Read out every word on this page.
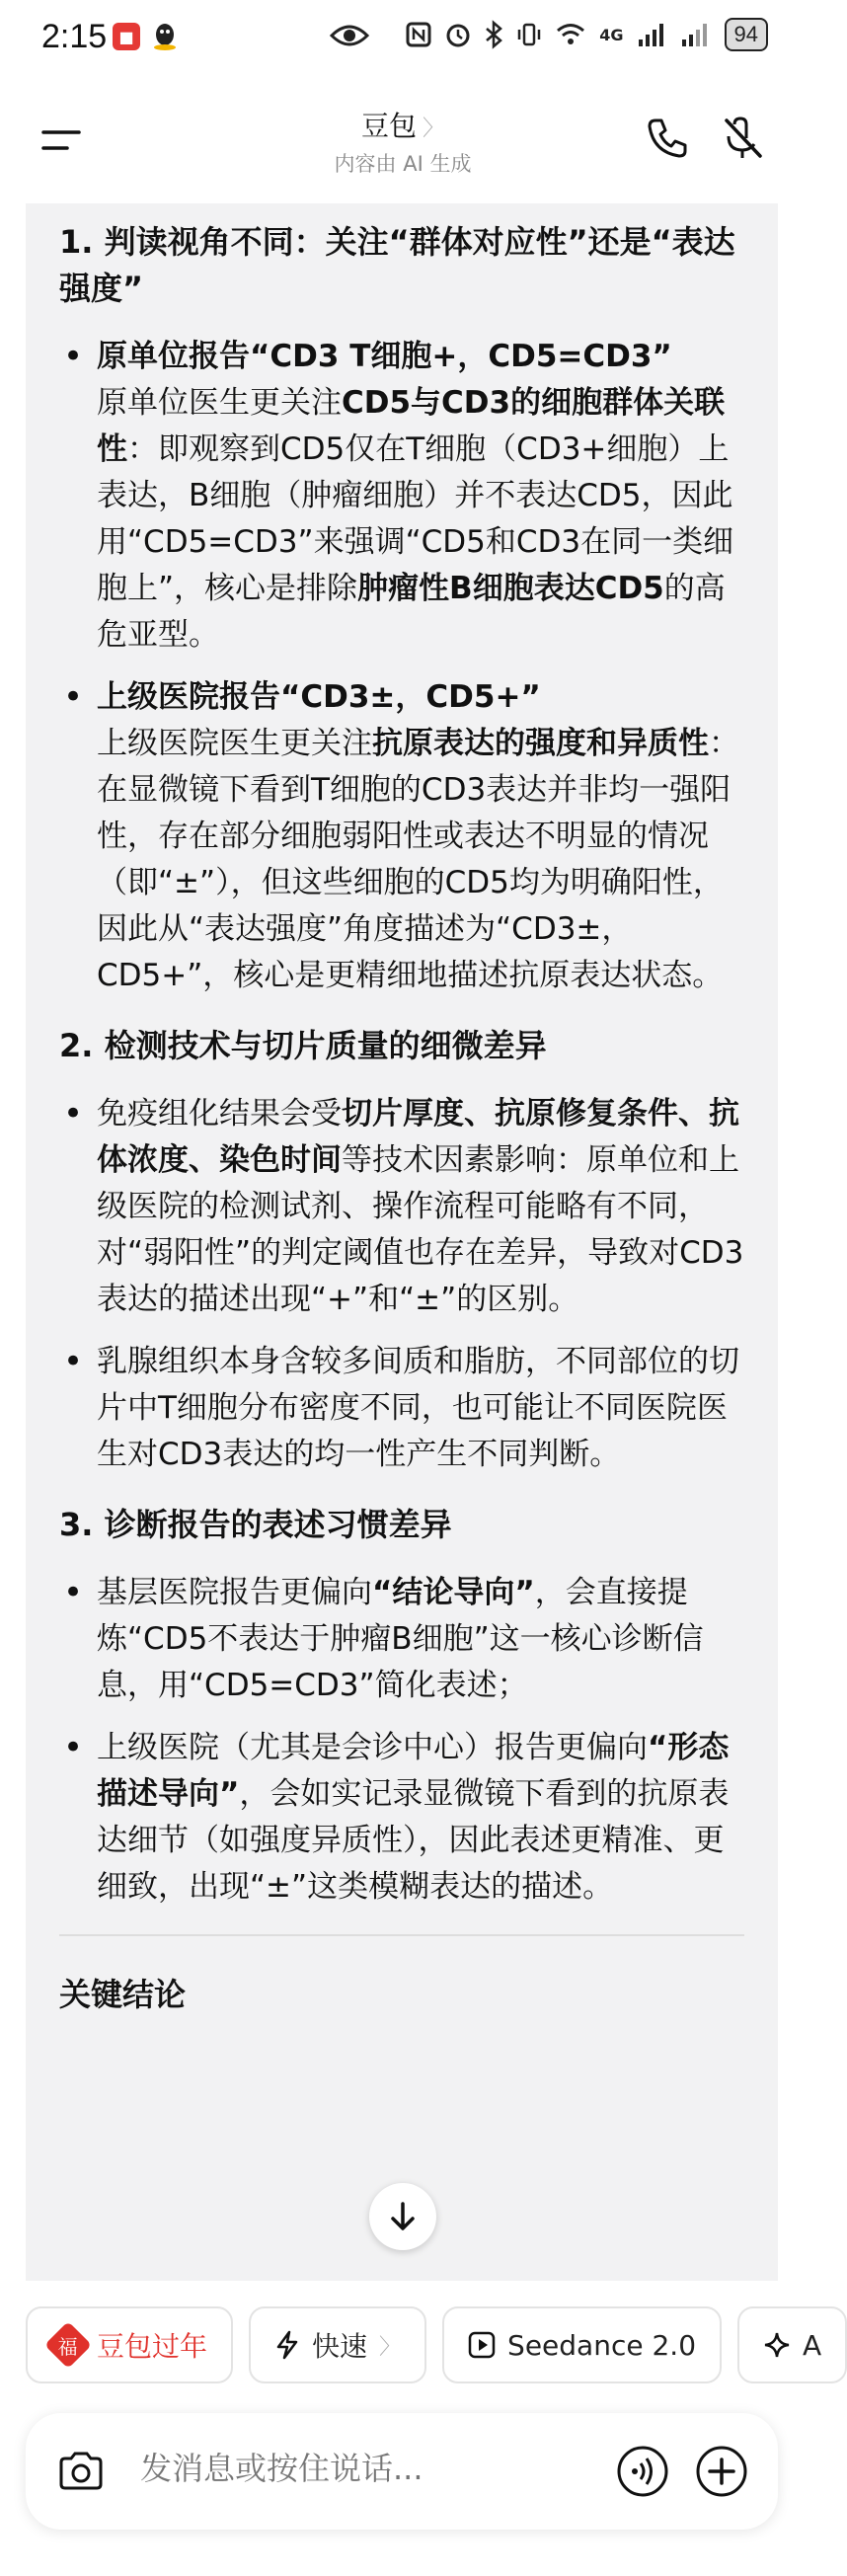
2:15 ■	4G	94
豆包 〉
内容由 AI 生成
1. 判读视角不同：关注“群体对应性”还是“表达强度”
• 原单位报告“CD3 T细胞+，CD5=CD3”
原单位医生更关注CD5与CD3的细胞群体关联性：即观察到CD5仅在T细胞（CD3+细胞）上表达，B细胞（肿瘤细胞）并不表达CD5，因此用“CD5=CD3”来强调“CD5和CD3在同一类细胞上”，核心是排除肿瘤性B细胞表达CD5的高危亚型。
• 上级医院报告“CD3±，CD5+”
上级医院医生更关注抗原表达的强度和异质性：在显微镜下看到T细胞的CD3表达并非均一强阳性，存在部分细胞弱阳性或表达不明显的情况（即“±”），但这些细胞的CD5均为明确阳性，因此从“表达强度”角度描述为“CD3±，CD5+”，核心是更精细地描述抗原表达状态。
2. 检测技术与切片质量的细微差异
• 免疫组化结果会受切片厚度、抗原修复条件、抗体浓度、染色时间等技术因素影响：原单位和上级医院的检测试剂、操作流程可能略有不同，对“弱阳性”的判定阈值也存在差异，导致对CD3表达的描述出现“+”和“±”的区别。
• 乳腺组织本身含较多间质和脂肪，不同部位的切片中T细胞分布密度不同，也可能让不同医院医生对CD3表达的均一性产生不同判断。
3. 诊断报告的表述习惯差异
• 基层医院报告更偏向“结论导向”，会直接提炼“CD5不表达于肿瘤B细胞”这一核心诊断信息，用“CD5=CD3”简化表述；
• 上级医院（尤其是会诊中心）报告更偏向“形态描述导向”，会如实记录显微镜下看到的抗原表达细节（如强度异质性），因此表述更精准、更细致，出现“±”这类模糊表达的描述。
关键结论
福 豆包过年	快速 〉	Seedance 2.0	A
发消息或按住说话...
